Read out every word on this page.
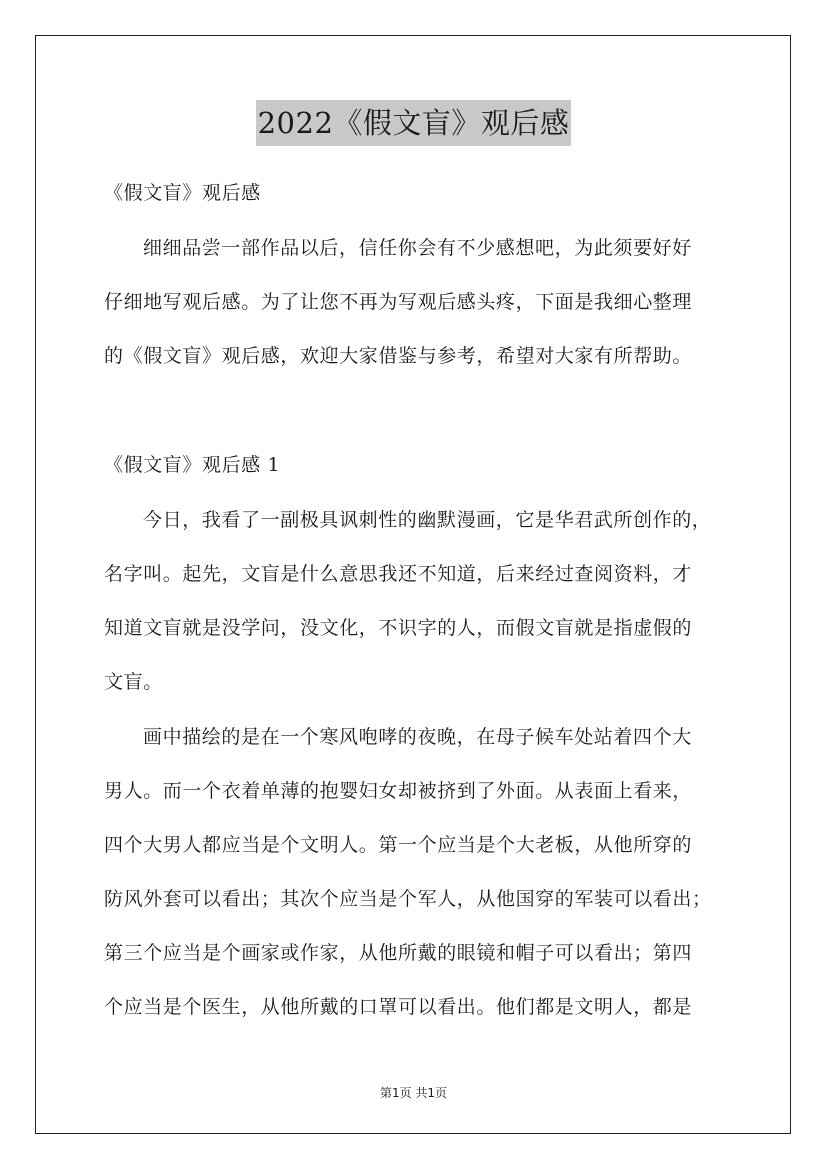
2022《假文盲》观后感
《假文盲》观后感
细细品尝一部作品以后，信任你会有不少感想吧，为此须要好好
仔细地写观后感。为了让您不再为写观后感头疼，下面是我细心整理
的《假文盲》观后感，欢迎大家借鉴与参考，希望对大家有所帮助。
《假文盲》观后感 1
今日，我看了一副极具讽刺性的幽默漫画，它是华君武所创作的，
名字叫。起先，文盲是什么意思我还不知道，后来经过查阅资料，才
知道文盲就是没学问，没文化，不识字的人，而假文盲就是指虚假的
文盲。
画中描绘的是在一个寒风咆哮的夜晚，在母子候车处站着四个大
男人。而一个衣着单薄的抱婴妇女却被挤到了外面。从表面上看来，
四个大男人都应当是个文明人。第一个应当是个大老板，从他所穿的
防风外套可以看出；其次个应当是个军人，从他国穿的军装可以看出；
第三个应当是个画家或作家，从他所戴的眼镜和帽子可以看出；第四
个应当是个医生，从他所戴的口罩可以看出。他们都是文明人，都是
第1页 共1页
